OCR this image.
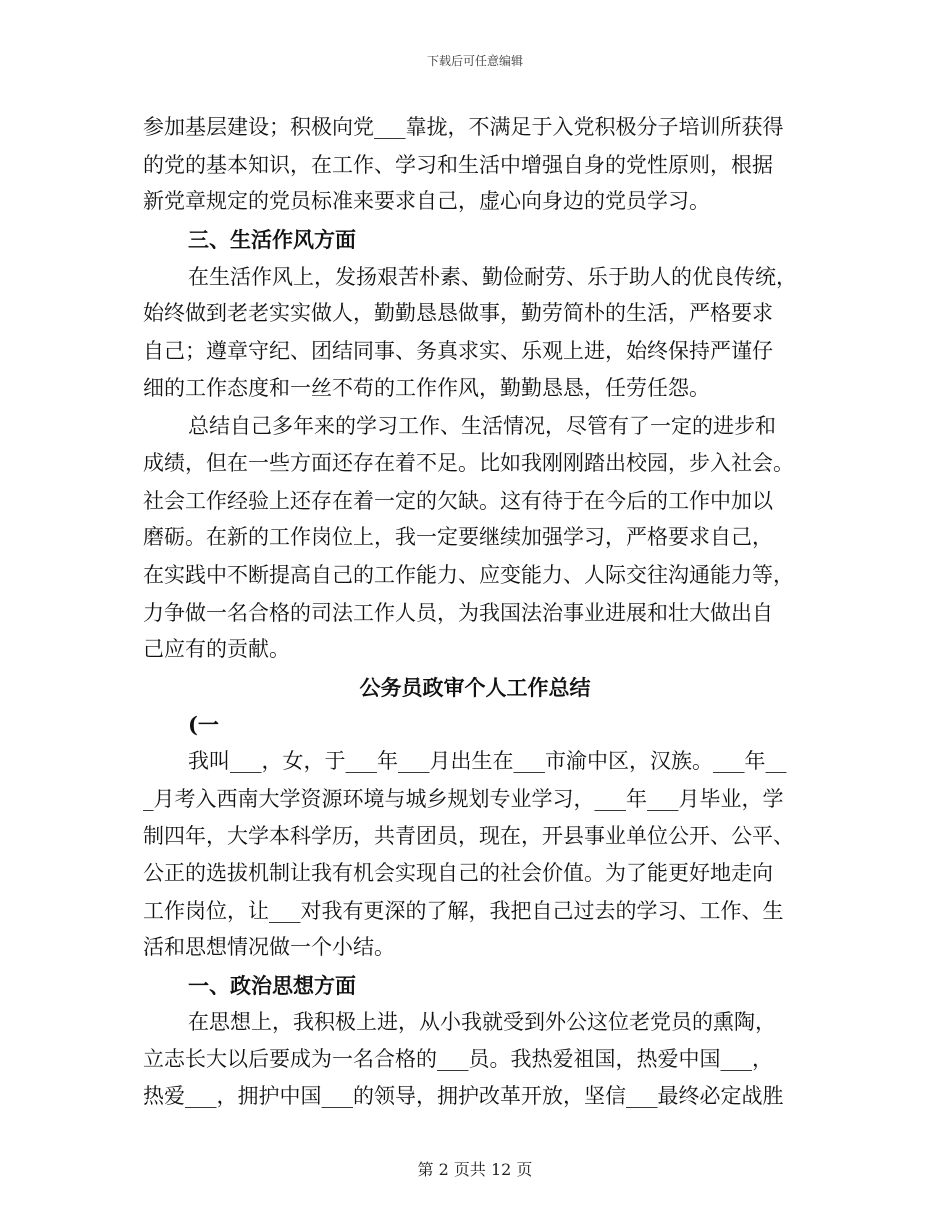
下载后可任意编辑
参加基层建设；积极向党___靠拢，不满足于入党积极分子培训所获得
的党的基本知识，在工作、学习和生活中增强自身的党性原则，根据
新党章规定的党员标准来要求自己，虚心向身边的党员学习。
三、生活作风方面
在生活作风上，发扬艰苦朴素、勤俭耐劳、乐于助人的优良传统，
始终做到老老实实做人，勤勤恳恳做事，勤劳简朴的生活，严格要求
自己；遵章守纪、团结同事、务真求实、乐观上进，始终保持严谨仔
细的工作态度和一丝不苟的工作作风，勤勤恳恳，任劳任怨。
总结自己多年来的学习工作、生活情况，尽管有了一定的进步和
成绩，但在一些方面还存在着不足。比如我刚刚踏出校园，步入社会。
社会工作经验上还存在着一定的欠缺。这有待于在今后的工作中加以
磨砺。在新的工作岗位上，我一定要继续加强学习，严格要求自己，
在实践中不断提高自己的工作能力、应变能力、人际交往沟通能力等，
力争做一名合格的司法工作人员，为我国法治事业进展和壮大做出自
己应有的贡献。
公务员政审个人工作总结
(一
我叫___，女，于___年___月出生在___市渝中区，汉族。___年__
_月考入西南大学资源环境与城乡规划专业学习，___年___月毕业，学
制四年，大学本科学历，共青团员，现在，开县事业单位公开、公平、
公正的选拔机制让我有机会实现自己的社会价值。为了能更好地走向
工作岗位，让___对我有更深的了解，我把自己过去的学习、工作、生
活和思想情况做一个小结。
一、政治思想方面
在思想上，我积极上进，从小我就受到外公这位老党员的熏陶，
立志长大以后要成为一名合格的___员。我热爱祖国，热爱中国___，
热爱___，拥护中国___的领导，拥护改革开放，坚信___最终必定战胜
第 2 页共 12 页
